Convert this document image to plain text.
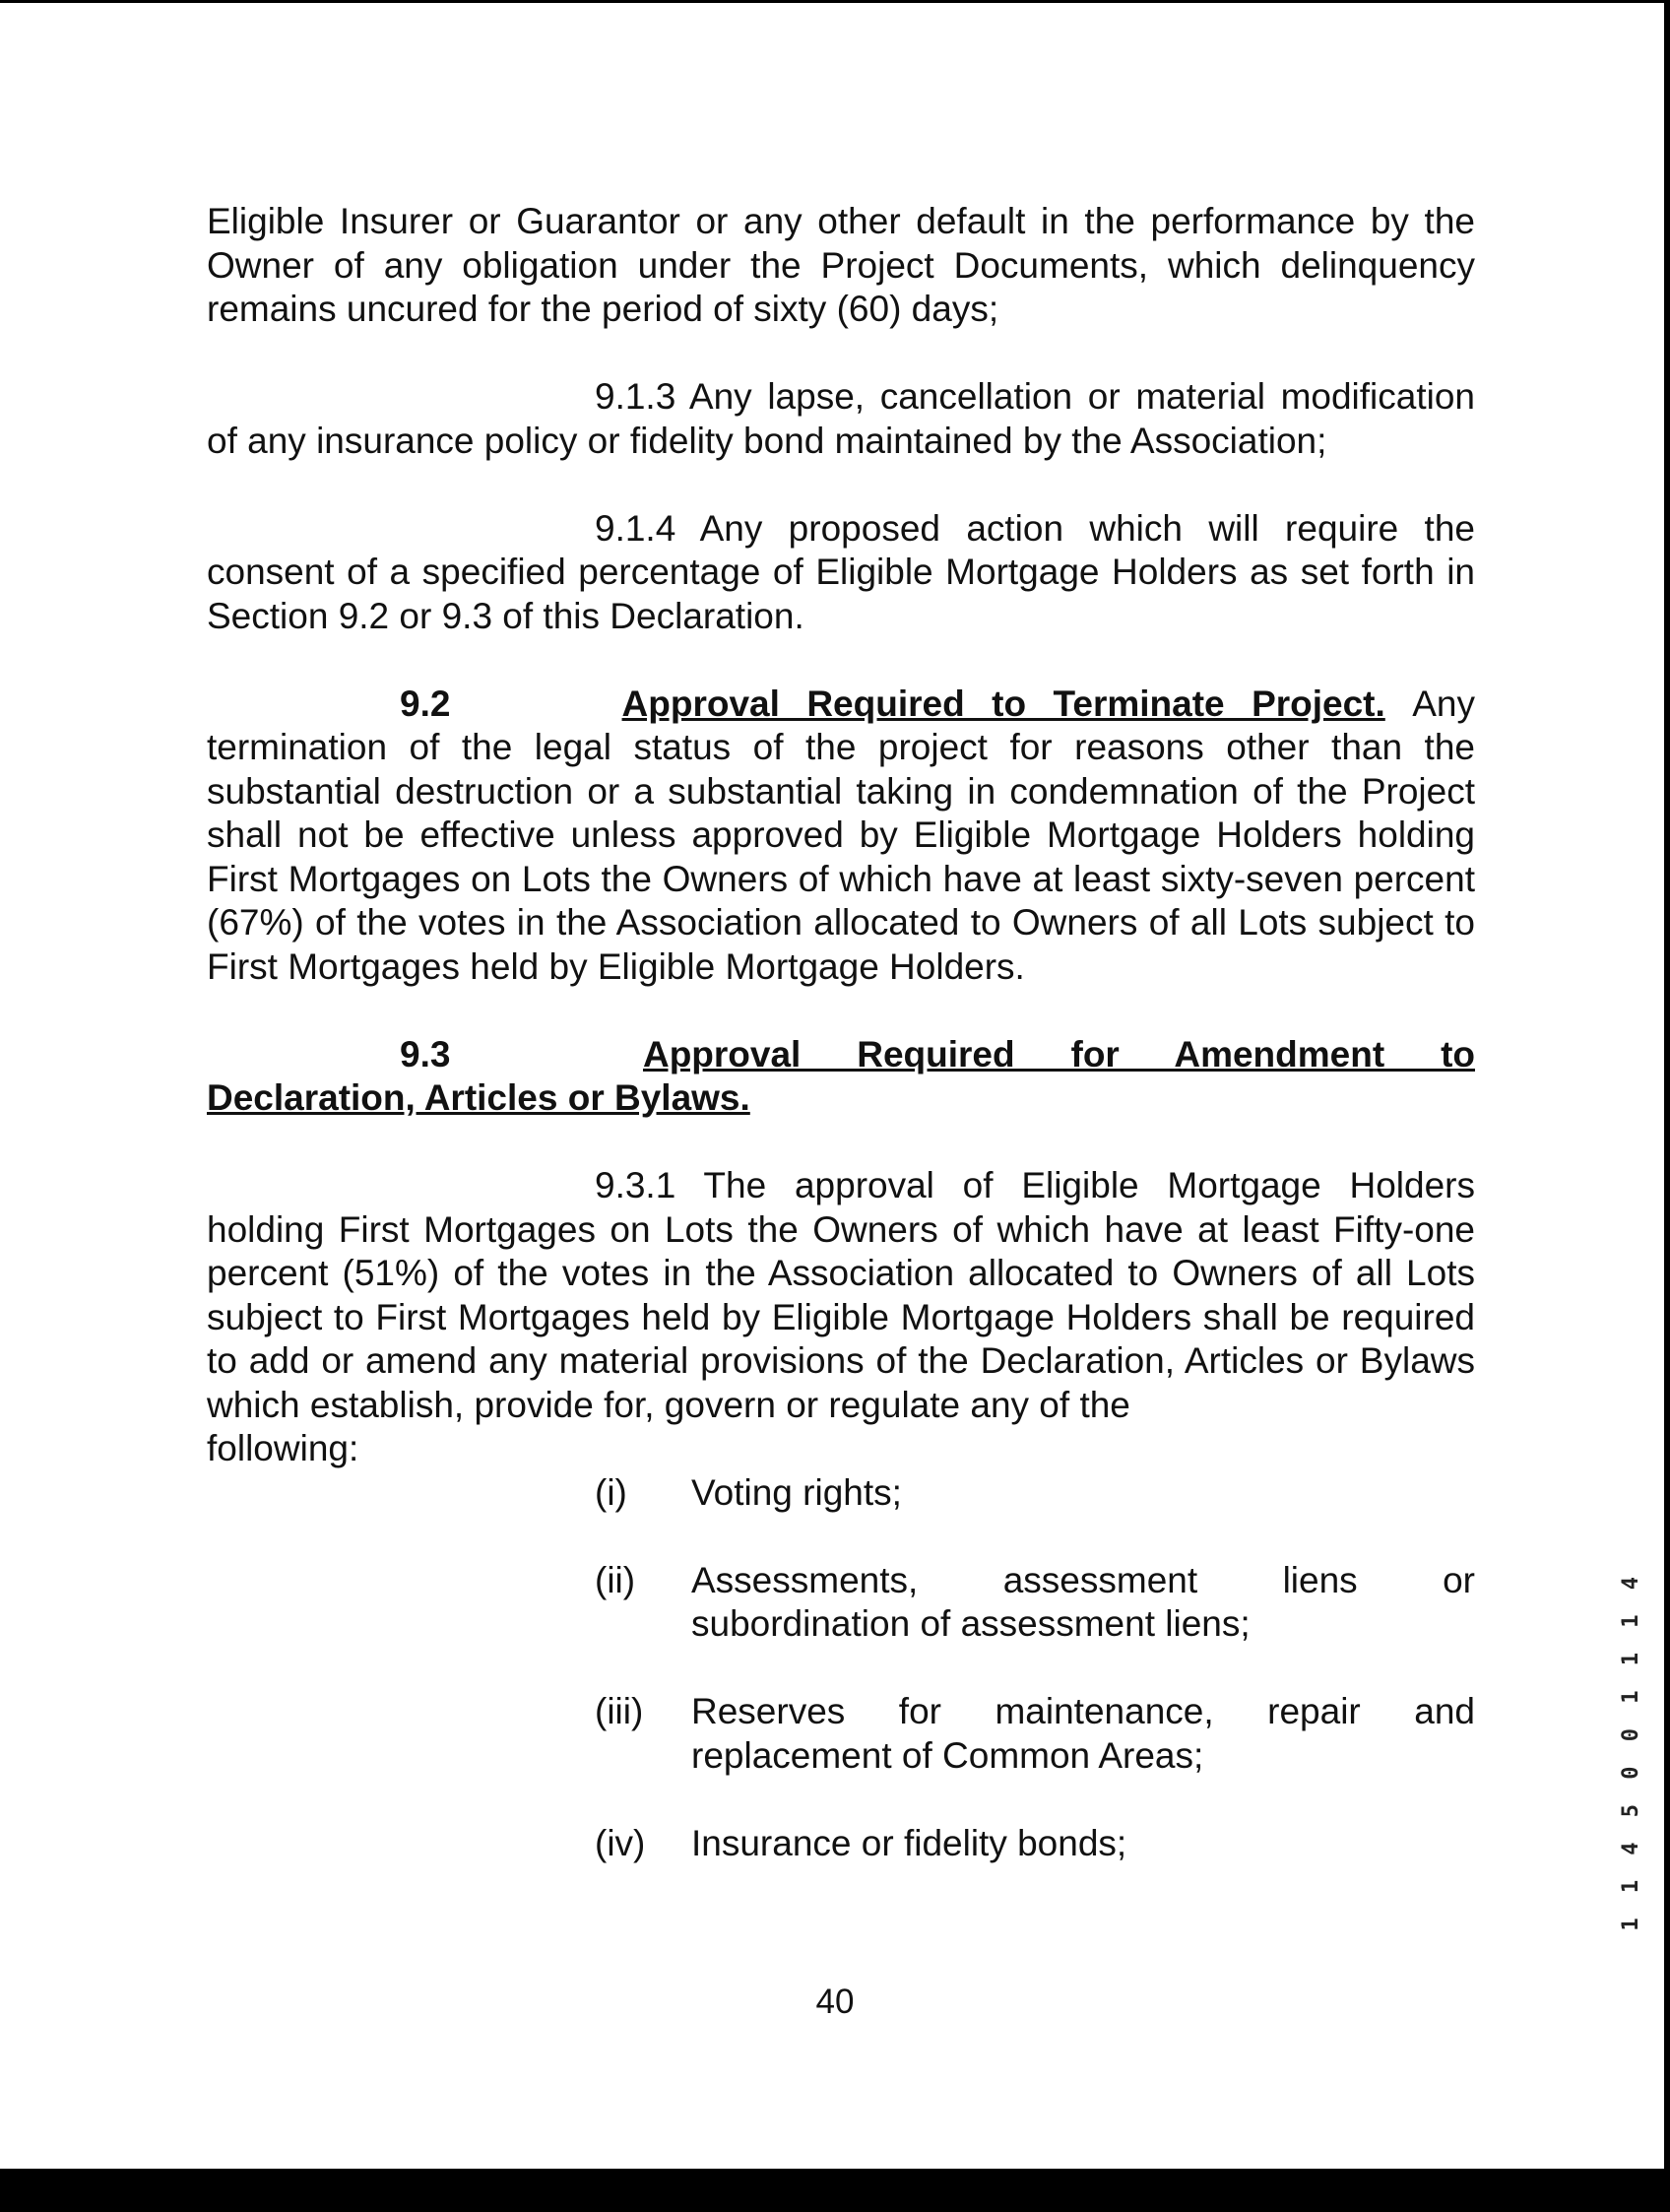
Eligible Insurer or Guarantor or any other default in the performance by the

Owner of any obligation under the Project Documents, which delinquency

remains uncured for the period of sixty (60) days;

9.1.3 Any lapse, cancellation or material modification

of any insurance policy or fidelity bond maintained by the Association;

9.1.4 Any proposed action which will require the

consent of a specified percentage of Eligible Mortgage Holders as set forth in Section 9.2 or 9.3 of this Declaration.

9.2	Approval Required to Terminate Project. Any

termination of the legal status of the project for reasons other than the substantial destruction or a substantial taking in condemnation of the Project shall not be effective unless approved by Eligible Mortgage Holders holding First Mortgages on Lots the Owners of which have at least sixty-seven percent (67%) of the votes in the Association allocated to Owners of all Lots subject to First Mortgages held by Eligible Mortgage Holders.

9.3	Approval Required for Amendment to

Declaration, Articles or Bylaws.

9.3.1 The approval of Eligible Mortgage Holders

holding First Mortgages on Lots the Owners of which have at least Fifty-one percent (51%) of the votes in the Association allocated to Owners of all Lots subject to First Mortgages held by Eligible Mortgage Holders shall be required to add or amend any material provisions of the Declaration, Articles or Bylaws which establish, provide for, govern or regulate any of the

following:

(i)	Voting rights;
(ii)	Assessments, assessment liens or
subordination of assessment liens;
(iii)	Reserves for maintenance, repair and
replacement of Common Areas;
(iv)	Insurance or fidelity bonds;	1 1 4 5 0 0 1 1 1 4
40
